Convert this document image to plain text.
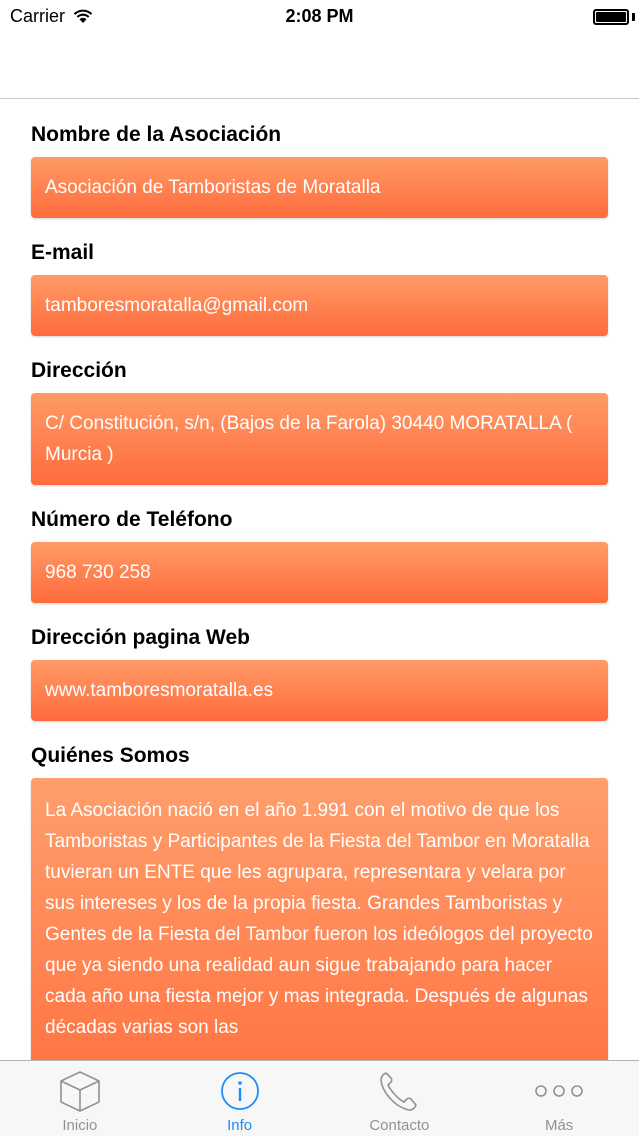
Carrier	2:08 PM
Nombre de la Asociación
Asociación de Tamboristas de Moratalla
E-mail
tamboresmoratalla@gmail.com
Dirección
C/ Constitución, s/n, (Bajos de la Farola) 30440 MORATALLA ( Murcia )
Número de Teléfono
968 730 258
Dirección pagina Web
www.tamboresmoratalla.es
Quiénes Somos
La Asociación nació en el año 1.991 con el motivo de que los Tamboristas y Participantes de la Fiesta del Tambor en Moratalla tuvieran un ENTE que les agrupara, representara y velara por sus intereses y los de la propia fiesta. Grandes Tamboristas y Gentes de la Fiesta del Tambor fueron los ideólogos del proyecto que ya siendo una realidad aun sigue trabajando para hacer cada año una fiesta mejor y mas integrada. Después de algunas décadas varias son las
Inicio	Info	Contacto	Más
